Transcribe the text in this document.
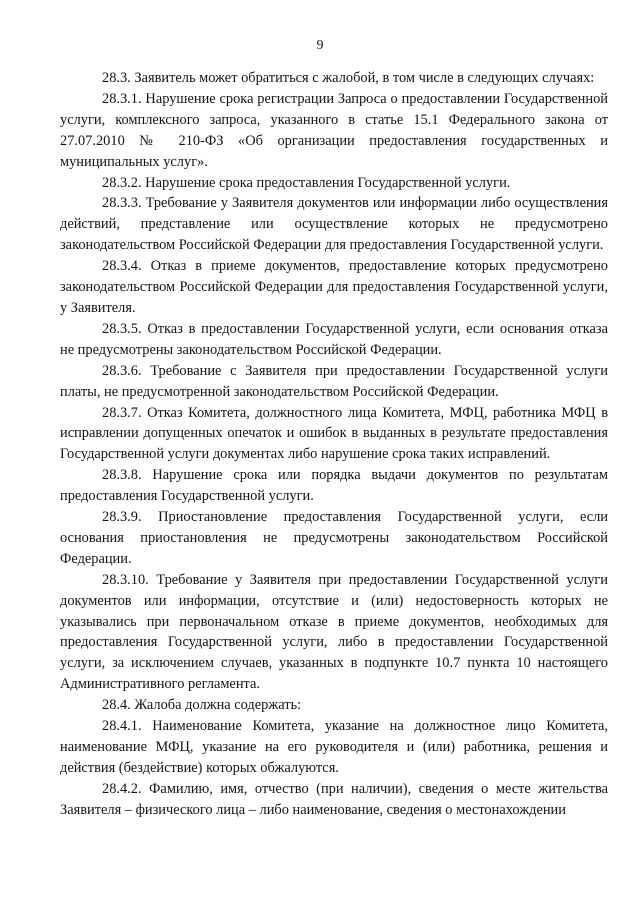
9

28.3. Заявитель может обратиться с жалобой, в том числе в следующих случаях:

28.3.1. Нарушение срока регистрации Запроса о предоставлении Государственной услуги, комплексного запроса, указанного в статье 15.1 Федерального закона от 27.07.2010 № 210-ФЗ «Об организации предоставления государственных и муниципальных услуг».

28.3.2. Нарушение срока предоставления Государственной услуги.

28.3.3. Требование у Заявителя документов или информации либо осуществления действий, представление или осуществление которых не предусмотрено законодательством Российской Федерации для предоставления Государственной услуги.

28.3.4. Отказ в приеме документов, предоставление которых предусмотрено законодательством Российской Федерации для предоставления Государственной услуги, у Заявителя.

28.3.5. Отказ в предоставлении Государственной услуги, если основания отказа не предусмотрены законодательством Российской Федерации.

28.3.6. Требование с Заявителя при предоставлении Государственной услуги платы, не предусмотренной законодательством Российской Федерации.

28.3.7. Отказ Комитета, должностного лица Комитета, МФЦ, работника МФЦ в исправлении допущенных опечаток и ошибок в выданных в результате предоставления Государственной услуги документах либо нарушение срока таких исправлений.

28.3.8. Нарушение срока или порядка выдачи документов по результатам предоставления Государственной услуги.

28.3.9. Приостановление предоставления Государственной услуги, если основания приостановления не предусмотрены законодательством Российской Федерации.

28.3.10. Требование у Заявителя при предоставлении Государственной услуги документов или информации, отсутствие и (или) недостоверность которых не указывались при первоначальном отказе в приеме документов, необходимых для предоставления Государственной услуги, либо в предоставлении Государственной услуги, за исключением случаев, указанных в подпункте 10.7 пункта 10 настоящего Административного регламента.

28.4. Жалоба должна содержать:

28.4.1. Наименование Комитета, указание на должностное лицо Комитета, наименование МФЦ, указание на его руководителя и (или) работника, решения и действия (бездействие) которых обжалуются.

28.4.2. Фамилию, имя, отчество (при наличии), сведения о месте жительства Заявителя – физического лица – либо наименование, сведения о местонахождении
